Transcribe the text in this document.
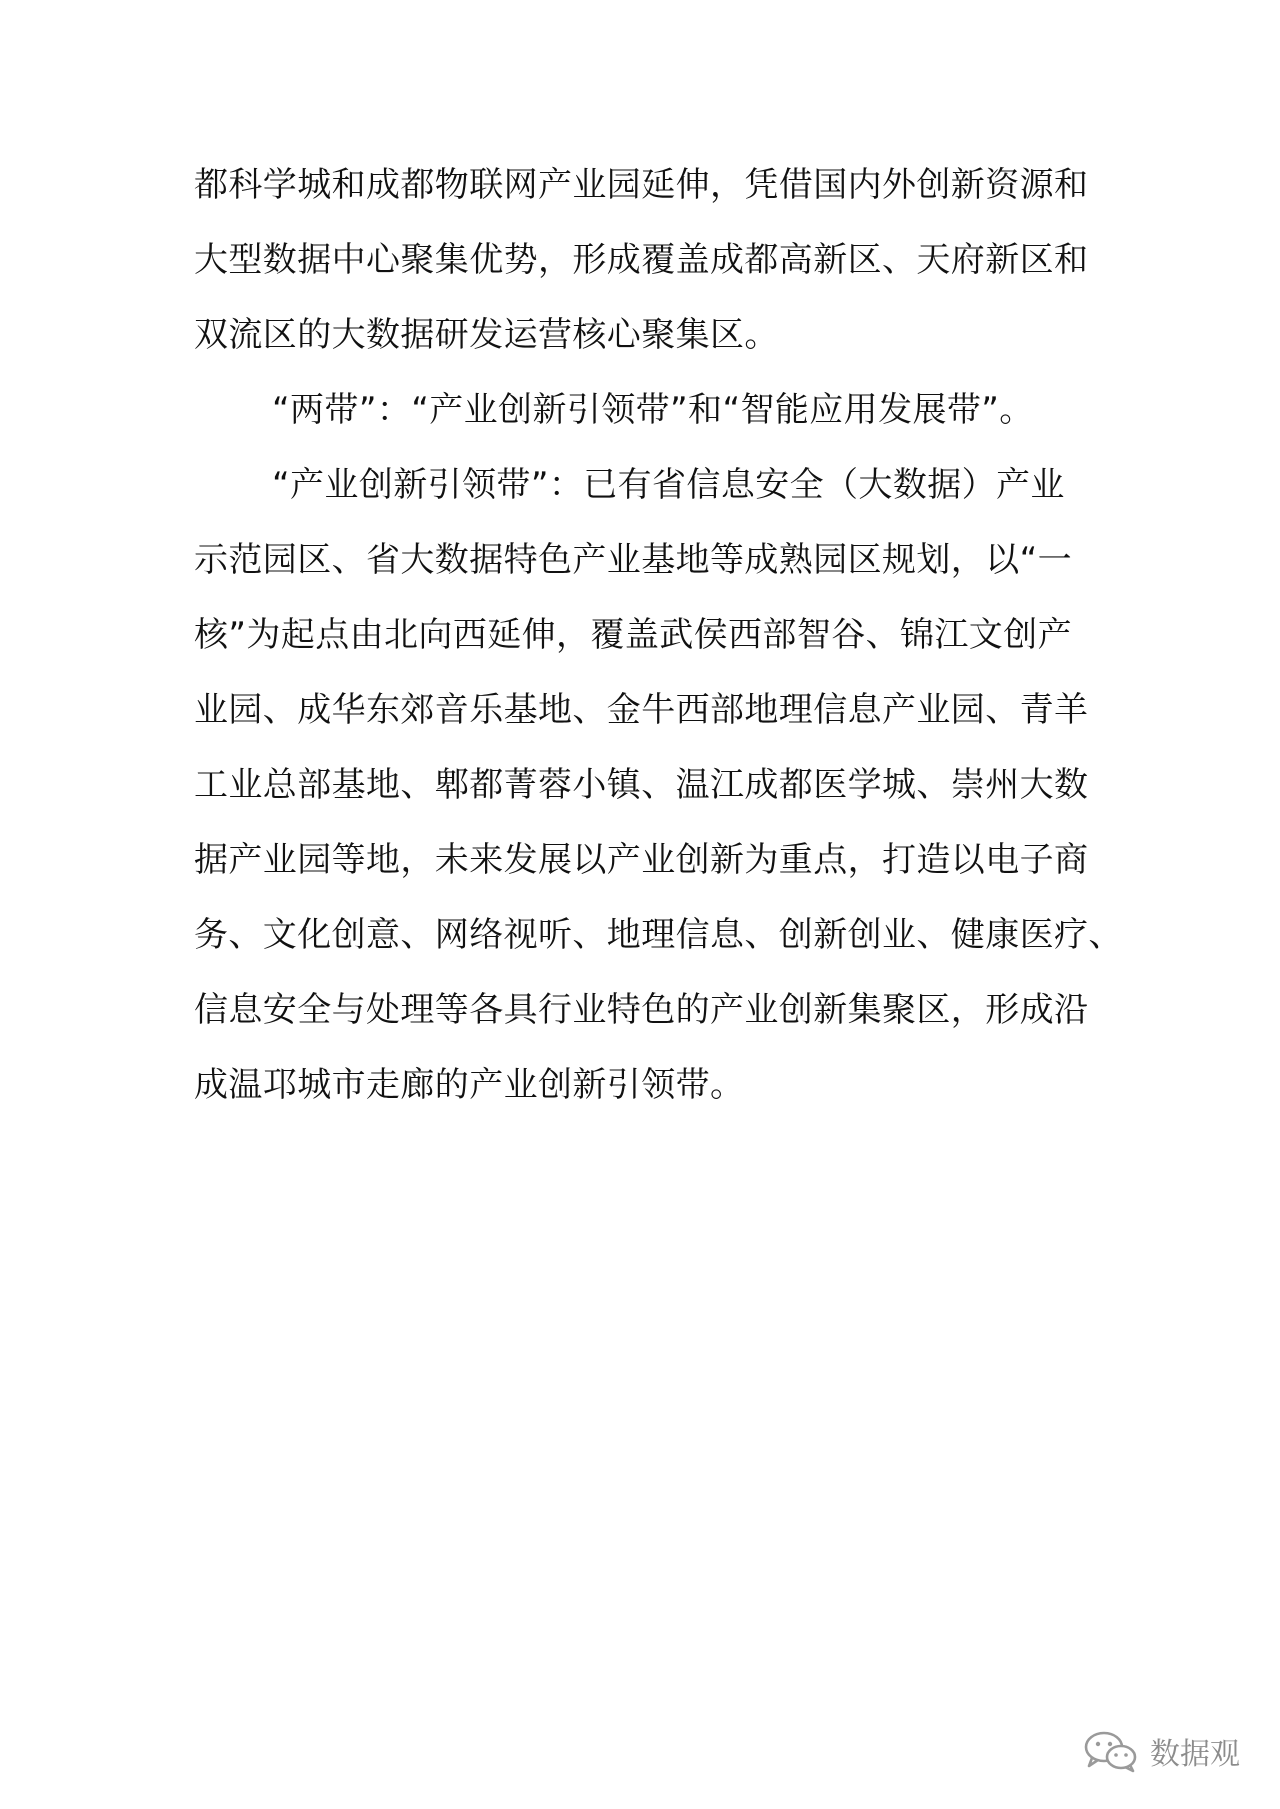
都科学城和成都物联网产业园延伸，凭借国内外创新资源和
大型数据中心聚集优势，形成覆盖成都高新区、天府新区和
双流区的大数据研发运营核心聚集区。
“两带”：“产业创新引领带”和“智能应用发展带”。
“产业创新引领带”：已有省信息安全（大数据）产业
示范园区、省大数据特色产业基地等成熟园区规划，以“一
核”为起点由北向西延伸，覆盖武侯西部智谷、锦江文创产
业园、成华东郊音乐基地、金牛西部地理信息产业园、青羊
工业总部基地、郫都菁蓉小镇、温江成都医学城、崇州大数
据产业园等地，未来发展以产业创新为重点，打造以电子商
务、文化创意、网络视听、地理信息、创新创业、健康医疗、
信息安全与处理等各具行业特色的产业创新集聚区，形成沿
成温邛城市走廊的产业创新引领带。
数据观
